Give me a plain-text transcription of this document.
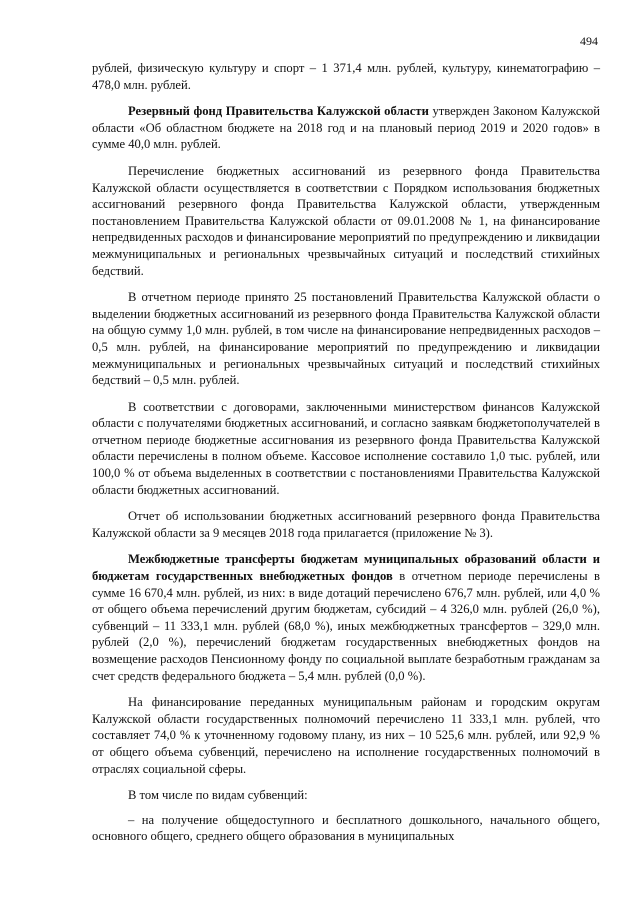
494

рублей, физическую культуру и спорт – 1 371,4 млн. рублей, культуру, кинематографию – 478,0 млн. рублей.

Резервный фонд Правительства Калужской области утвержден Законом Калужской области «Об областном бюджете на 2018 год и на плановый период 2019 и 2020 годов» в сумме 40,0 млн. рублей.

Перечисление бюджетных ассигнований из резервного фонда Правительства Калужской области осуществляется в соответствии с Порядком использования бюджетных ассигнований резервного фонда Правительства Калужской области, утвержденным постановлением Правительства Калужской области от 09.01.2008 № 1, на финансирование непредвиденных расходов и финансирование мероприятий по предупреждению и ликвидации межмуниципальных и региональных чрезвычайных ситуаций и последствий стихийных бедствий.

В отчетном периоде принято 25 постановлений Правительства Калужской области о выделении бюджетных ассигнований из резервного фонда Правительства Калужской области на общую сумму 1,0 млн. рублей, в том числе на финансирование непредвиденных расходов – 0,5 млн. рублей, на финансирование мероприятий по предупреждению и ликвидации межмуниципальных и региональных чрезвычайных ситуаций и последствий стихийных бедствий – 0,5 млн. рублей.

В соответствии с договорами, заключенными министерством финансов Калужской области с получателями бюджетных ассигнований, и согласно заявкам бюджетополучателей в отчетном периоде бюджетные ассигнования из резервного фонда Правительства Калужской области перечислены в полном объеме. Кассовое исполнение составило 1,0 тыс. рублей, или 100,0 % от объема выделенных в соответствии с постановлениями Правительства Калужской области бюджетных ассигнований.

Отчет об использовании бюджетных ассигнований резервного фонда Правительства Калужской области за 9 месяцев 2018 года прилагается (приложение № 3).

Межбюджетные трансферты бюджетам муниципальных образований области и бюджетам государственных внебюджетных фондов в отчетном периоде перечислены в сумме 16 670,4 млн. рублей, из них: в виде дотаций перечислено 676,7 млн. рублей, или 4,0 % от общего объема перечислений другим бюджетам, субсидий – 4 326,0 млн. рублей (26,0 %), субвенций – 11 333,1 млн. рублей (68,0 %), иных межбюджетных трансфертов – 329,0 млн. рублей (2,0 %), перечислений бюджетам государственных внебюджетных фондов на возмещение расходов Пенсионному фонду по социальной выплате безработным гражданам за счет средств федерального бюджета – 5,4 млн. рублей (0,0 %).

На финансирование переданных муниципальным районам и городским округам Калужской области государственных полномочий перечислено 11 333,1 млн. рублей, что составляет 74,0 % к уточненному годовому плану, из них – 10 525,6 млн. рублей, или 92,9 % от общего объема субвенций, перечислено на исполнение государственных полномочий в отраслях социальной сферы.

В том числе по видам субвенций:

– на получение общедоступного и бесплатного дошкольного, начального общего, основного общего, среднего общего образования в муниципальных
